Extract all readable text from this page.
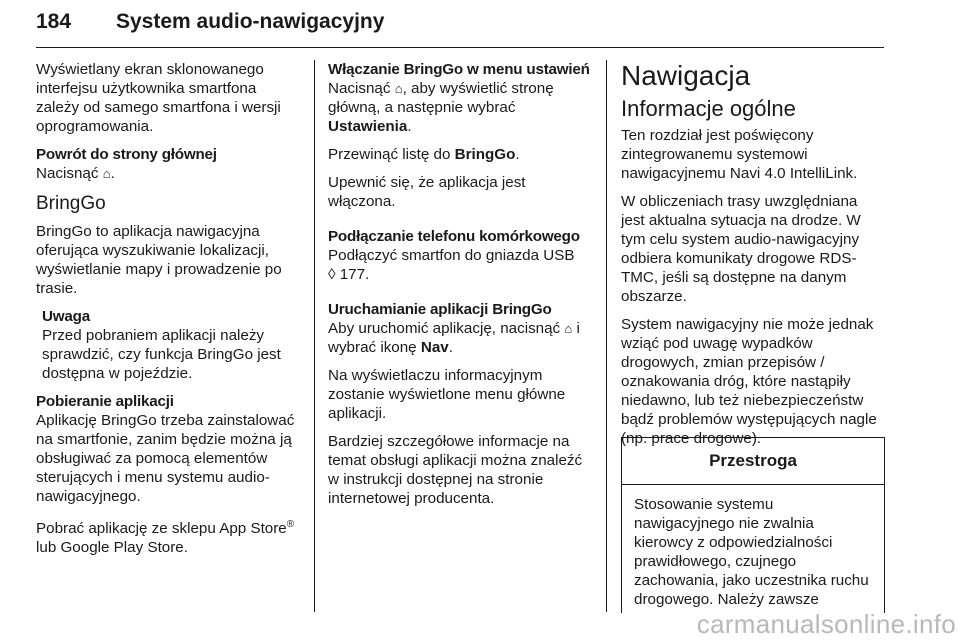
184 System audio-nawigacyjny

Wyświetlany ekran sklonowanego interfejsu użytkownika smartfona zależy od samego smartfona i wersji oprogramowania.

Powrót do strony głównej

Nacisnąć ⌂.

BringGo

BringGo to aplikacja nawigacyjna oferująca wyszukiwanie lokalizacji, wyświetlanie mapy i prowadzenie po trasie.

Uwaga

Przed pobraniem aplikacji należy sprawdzić, czy funkcja BringGo jest dostępna w pojeździe.

Pobieranie aplikacji

Aplikację BringGo trzeba zainstalować na smartfonie, zanim będzie można ją obsługiwać za pomocą elementów sterujących i menu systemu audio-nawigacyjnego.

Pobrać aplikację ze sklepu App Store® lub Google Play Store.

Włączanie BringGo w menu ustawień

Nacisnąć ⌂, aby wyświetlić stronę główną, a następnie wybrać Ustawienia.

Przewinąć listę do BringGo.

Upewnić się, że aplikacja jest włączona.

Podłączanie telefonu komórkowego

Podłączyć smartfon do gniazda USB
◊ 177.

Uruchamianie aplikacji BringGo

Aby uruchomić aplikację, nacisnąć ⌂ i wybrać ikonę Nav.

Na wyświetlaczu informacyjnym zostanie wyświetlone menu główne aplikacji.

Bardziej szczegółowe informacje na temat obsługi aplikacji można znaleźć w instrukcji dostępnej na stronie internetowej producenta.

Nawigacja
Informacje ogólne

Ten rozdział jest poświęcony zintegrowanemu systemowi nawigacyjnemu Navi 4.0 IntelliLink.

W obliczeniach trasy uwzględniana jest aktualna sytuacja na drodze. W tym celu system audio-nawigacyjny odbiera komunikaty drogowe RDS-TMC, jeśli są dostępne na danym obszarze.

System nawigacyjny nie może jednak wziąć pod uwagę wypadków drogowych, zmian przepisów / oznakowania dróg, które nastąpiły niedawno, lub też niebezpieczeństw bądź problemów występujących nagle (np. prace drogowe).

Przestroga
Stosowanie systemu nawigacyjnego nie zwalnia kierowcy z odpowiedzialności prawidłowego, czujnego zachowania, jako uczestnika ruchu drogowego. Należy zawsze
carmanualsonline.info
